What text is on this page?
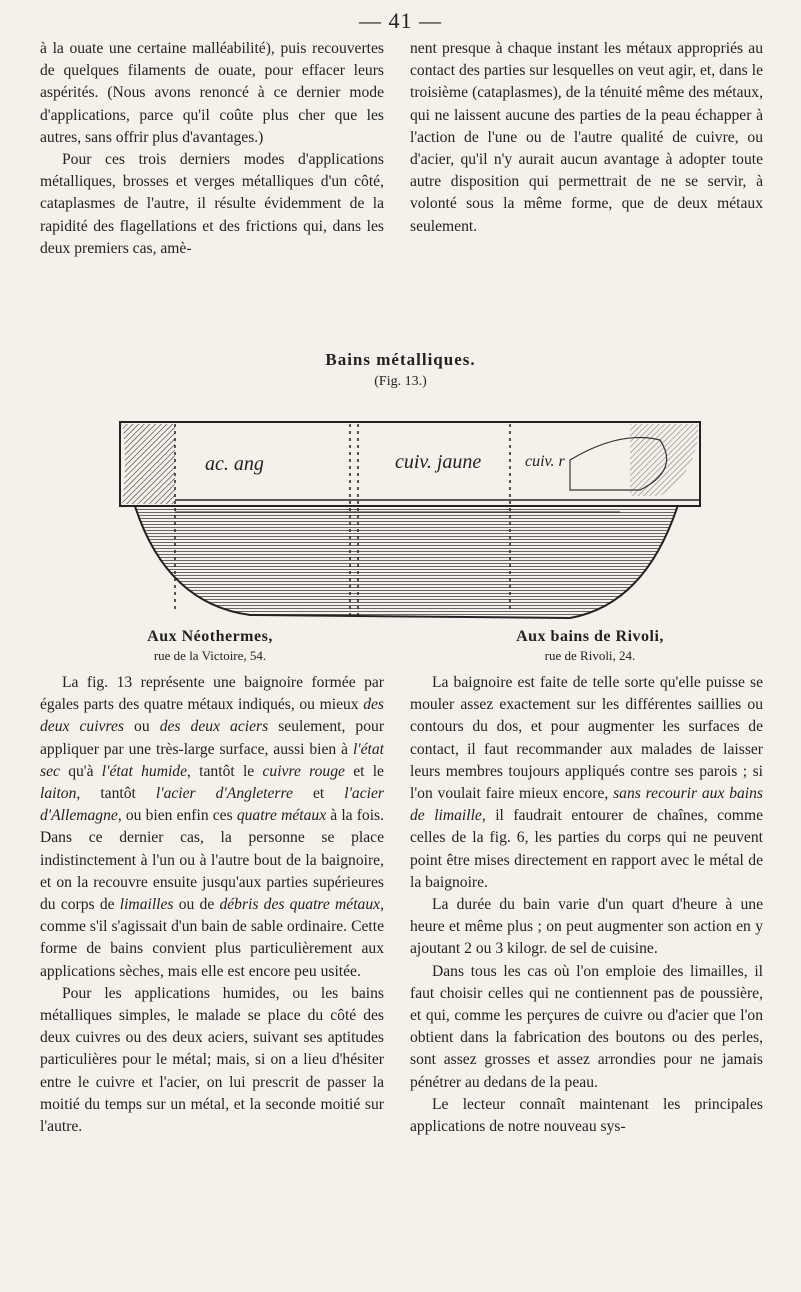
— 41 —

à la ouate une certaine malléabilité), puis recouvertes de quelques filaments de ouate, pour effacer leurs aspérités. (Nous avons renoncé à ce dernier mode d'applications, parce qu'il coûte plus cher que les autres, sans offrir plus d'avantages.)

Pour ces trois derniers modes d'applications métalliques, brosses et verges métalliques d'un côté, cataplasmes de l'autre, il résulte évidemment de la rapidité des flagellations et des frictions qui, dans les deux premiers cas, amè-

nent presque à chaque instant les métaux appropriés au contact des parties sur lesquelles on veut agir, et, dans le troisième (cataplasmes), de la ténuité même des métaux, qui ne laissent aucune des parties de la peau échapper à l'action de l'une ou de l'autre qualité de cuivre, ou d'acier, qu'il n'y aurait aucun avantage à adopter toute autre disposition qui permettrait de ne se servir, à volonté sous la même forme, que de deux métaux seulement.

Bains métalliques.
(Fig. 13.)
ac. ang	cuiv. jaune	cuiv. r
Aux Néothermes,
rue de la Victoire, 54.
Aux bains de Rivoli,
rue de Rivoli, 24.

La fig. 13 représente une baignoire formée par égales parts des quatre métaux indiqués, ou mieux des deux cuivres ou des deux aciers seulement, pour appliquer par une très-large surface, aussi bien à l'état sec qu'à l'état humide, tantôt le cuivre rouge et le laiton, tantôt l'acier d'Angleterre et l'acier d'Allemagne, ou bien enfin ces quatre métaux à la fois. Dans ce dernier cas, la personne se place indistinctement à l'un ou à l'autre bout de la baignoire, et on la recouvre ensuite jusqu'aux parties supérieures du corps de limailles ou de débris des quatre métaux, comme s'il s'agissait d'un bain de sable ordinaire. Cette forme de bains convient plus particulièrement aux applications sèches, mais elle est encore peu usitée.

Pour les applications humides, ou les bains métalliques simples, le malade se place du côté des deux cuivres ou des deux aciers, suivant ses aptitudes particulières pour le métal; mais, si on a lieu d'hésiter entre le cuivre et l'acier, on lui prescrit de passer la moitié du temps sur un métal, et la seconde moitié sur l'autre.

La baignoire est faite de telle sorte qu'elle puisse se mouler assez exactement sur les différentes saillies ou contours du dos, et pour augmenter les surfaces de contact, il faut recommander aux malades de laisser leurs membres toujours appliqués contre ses parois ; si l'on voulait faire mieux encore, sans recourir aux bains de limaille, il faudrait entourer de chaînes, comme celles de la fig. 6, les parties du corps qui ne peuvent point être mises directement en rapport avec le métal de la baignoire.

La durée du bain varie d'un quart d'heure à une heure et même plus ; on peut augmenter son action en y ajoutant 2 ou 3 kilogr. de sel de cuisine.

Dans tous les cas où l'on emploie des limailles, il faut choisir celles qui ne contiennent pas de poussière, et qui, comme les perçures de cuivre ou d'acier que l'on obtient dans la fabrication des boutons ou des perles, sont assez grosses et assez arrondies pour ne jamais pénétrer au dedans de la peau.

Le lecteur connaît maintenant les principales applications de notre nouveau sys-
